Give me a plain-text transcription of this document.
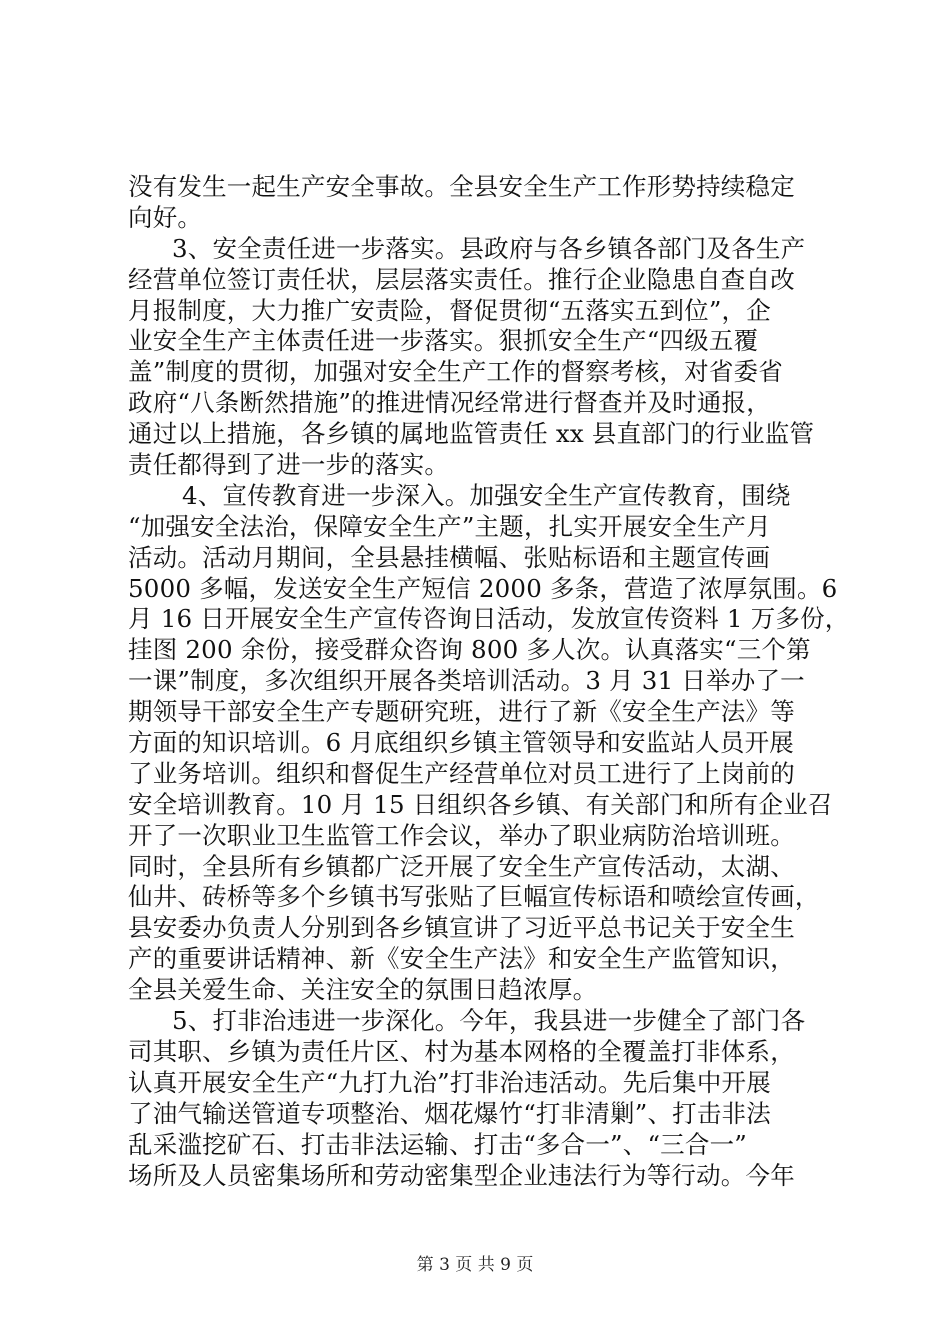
没有发生一起生产安全事故。全县安全生产工作形势持续稳定
向好。
3、安全责任进一步落实。县政府与各乡镇各部门及各生产
经营单位签订责任状，层层落实责任。推行企业隐患自查自改
月报制度，大力推广安责险，督促贯彻“五落实五到位”，企
业安全生产主体责任进一步落实。狠抓安全生产“四级五覆
盖”制度的贯彻，加强对安全生产工作的督察考核，对省委省
政府“八条断然措施”的推进情况经常进行督查并及时通报，
通过以上措施，各乡镇的属地监管责任 xx 县直部门的行业监管
责任都得到了进一步的落实。
4、宣传教育进一步深入。加强安全生产宣传教育，围绕
“加强安全法治，保障安全生产”主题，扎实开展安全生产月
活动。活动月期间，全县悬挂横幅、张贴标语和主题宣传画
5000 多幅，发送安全生产短信 2000 多条，营造了浓厚氛围。6
月 16 日开展安全生产宣传咨询日活动，发放宣传资料 1 万多份，
挂图 200 余份，接受群众咨询 800 多人次。认真落实“三个第
一课”制度，多次组织开展各类培训活动。3 月 31 日举办了一
期领导干部安全生产专题研究班，进行了新《安全生产法》等
方面的知识培训。6 月底组织乡镇主管领导和安监站人员开展
了业务培训。组织和督促生产经营单位对员工进行了上岗前的
安全培训教育。10 月 15 日组织各乡镇、有关部门和所有企业召
开了一次职业卫生监管工作会议，举办了职业病防治培训班。
同时，全县所有乡镇都广泛开展了安全生产宣传活动，太湖、
仙井、砖桥等多个乡镇书写张贴了巨幅宣传标语和喷绘宣传画，
县安委办负责人分别到各乡镇宣讲了习近平总书记关于安全生
产的重要讲话精神、新《安全生产法》和安全生产监管知识，
全县关爱生命、关注安全的氛围日趋浓厚。
5、打非治违进一步深化。今年，我县进一步健全了部门各
司其职、乡镇为责任片区、村为基本网格的全覆盖打非体系，
认真开展安全生产“九打九治”打非治违活动。先后集中开展
了油气输送管道专项整治、烟花爆竹“打非清剿”、打击非法
乱采滥挖矿石、打击非法运输、打击“多合一”、“三合一”
场所及人员密集场所和劳动密集型企业违法行为等行动。今年
第 3 页 共 9 页
